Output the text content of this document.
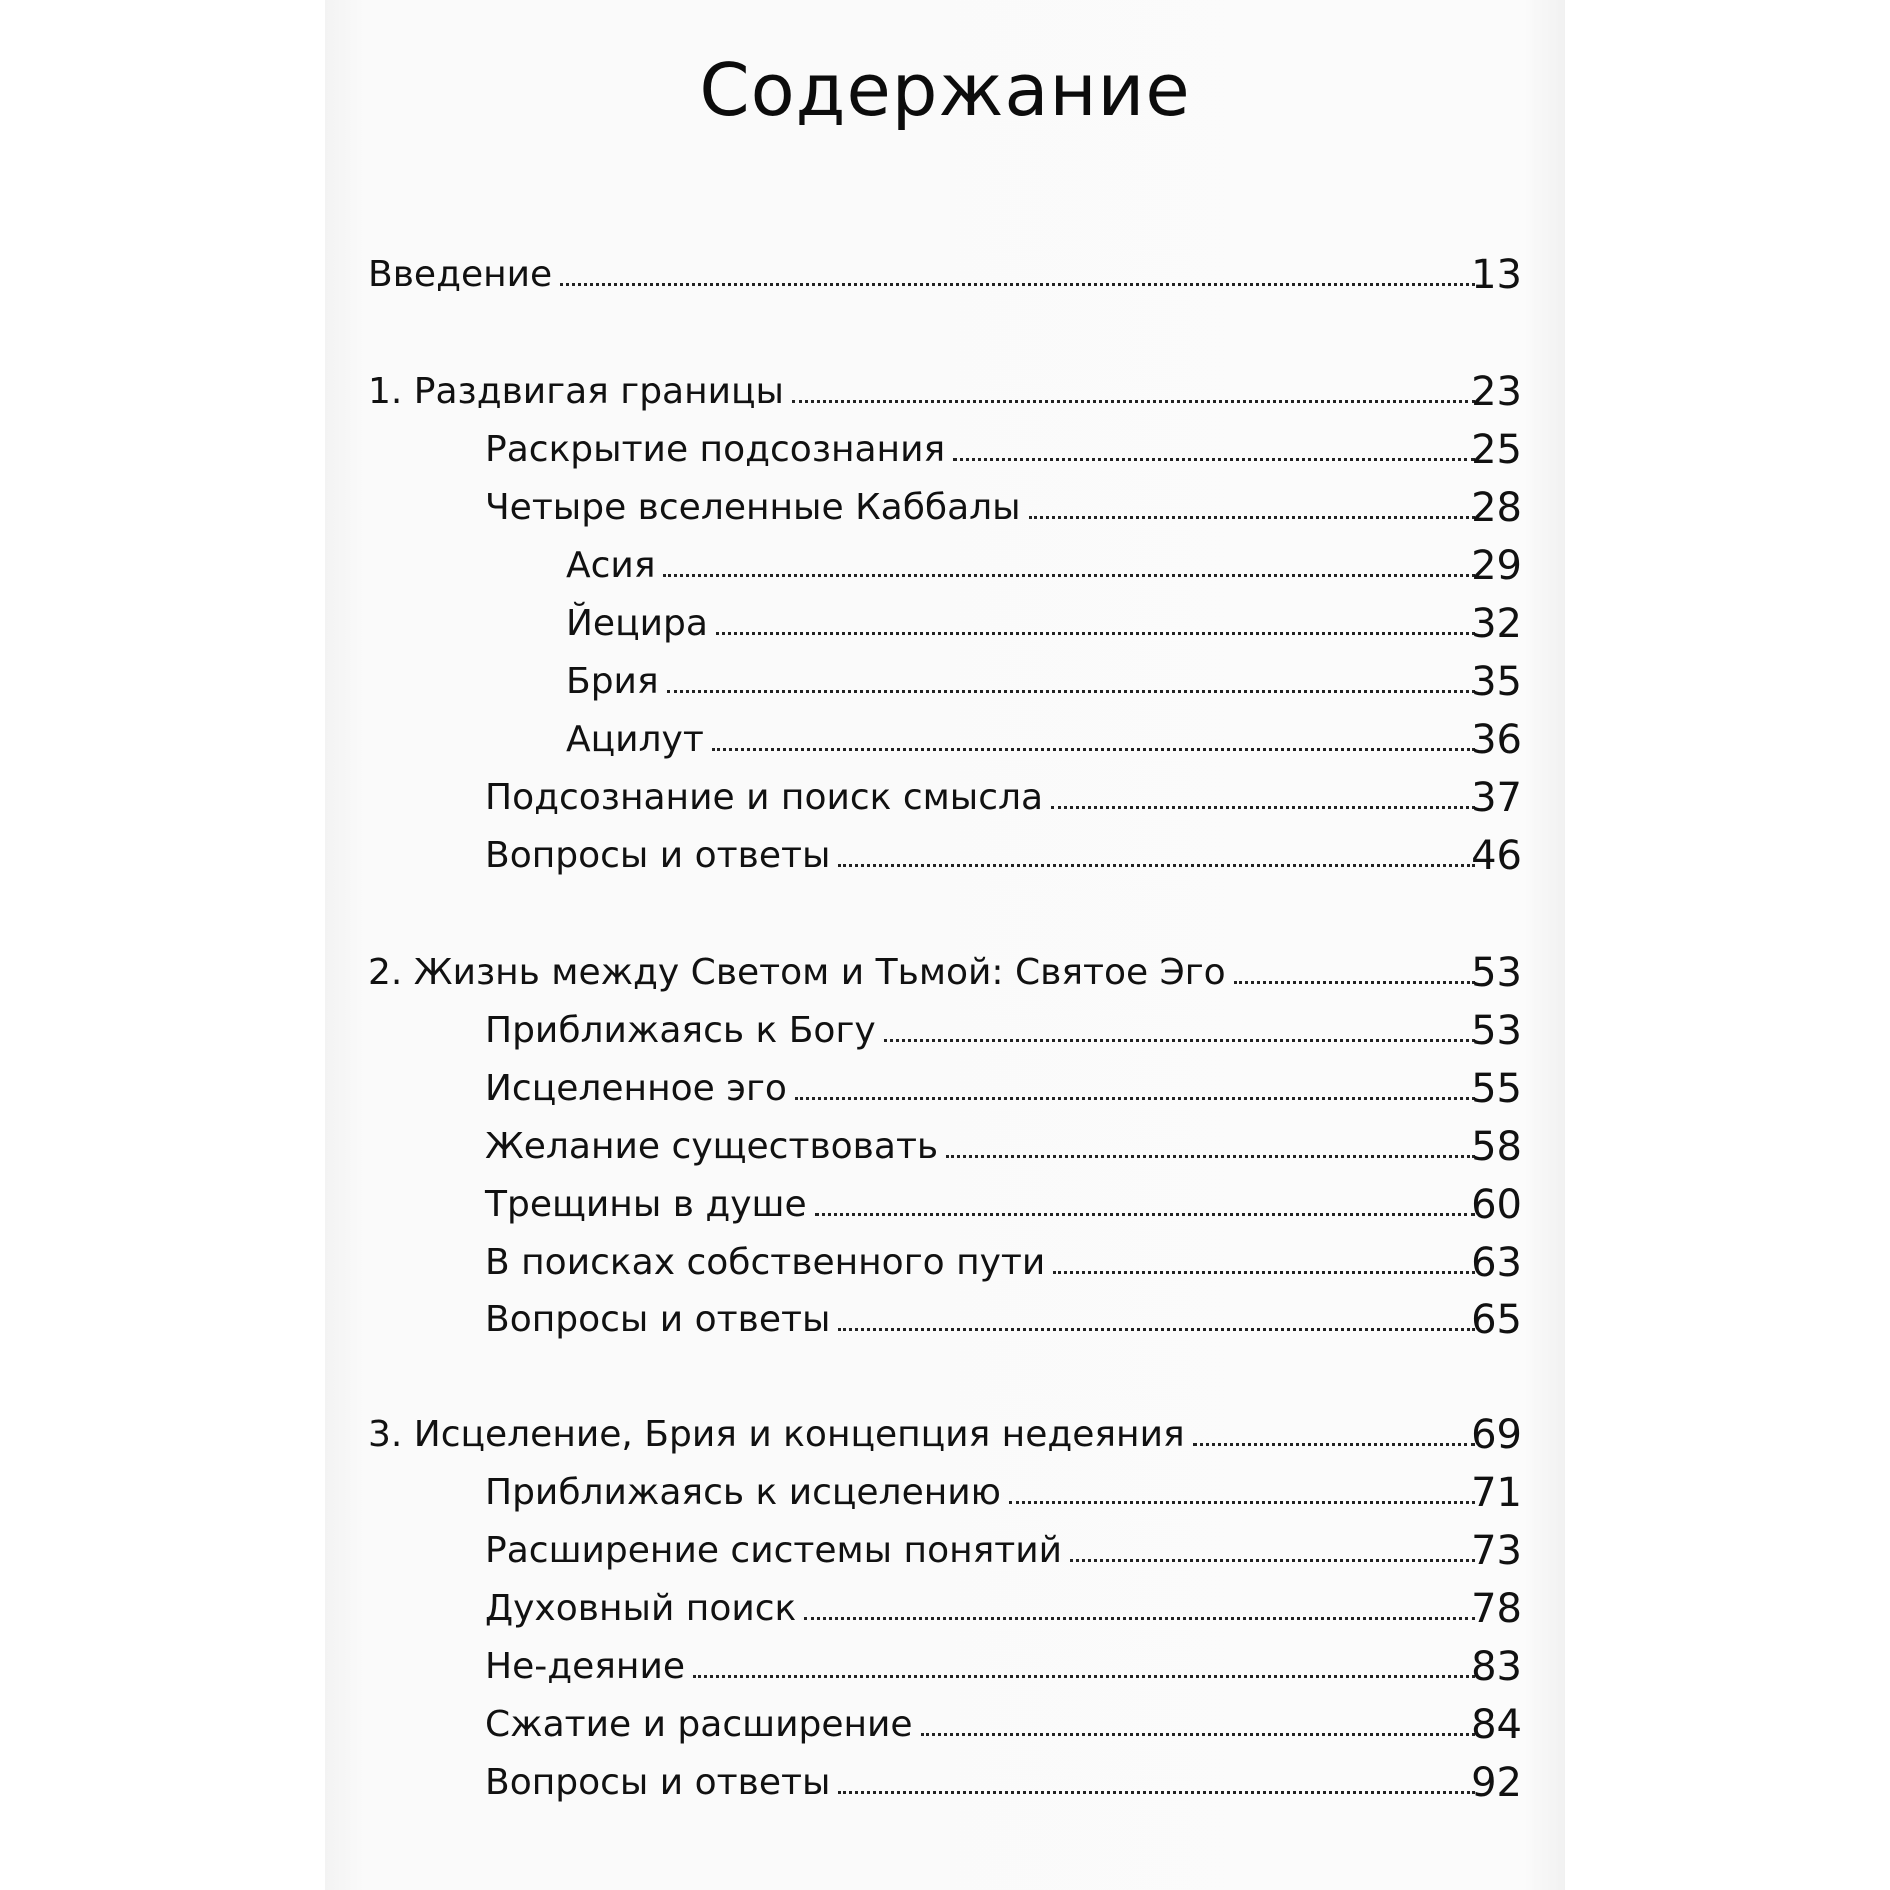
Содержание
Введение	13
1. Раздвигая границы	23
Раскрытие подсознания	25
Четыре вселенные Каббалы	28
Асия	29
Йецира	32
Брия	35
Ацилут	36
Подсознание и поиск смысла	37
Вопросы и ответы	46
2. Жизнь между Светом и Тьмой: Святое Эго	53
Приближаясь к Богу	53
Исцеленное эго	55
Желание существовать	58
Трещины в душе	60
В поисках собственного пути	63
Вопросы и ответы	65
3. Исцеление, Брия и концепция недеяния	69
Приближаясь к исцелению	71
Расширение системы понятий	73
Духовный поиск	78
Не-деяние	83
Сжатие и расширение	84
Вопросы и ответы	92
